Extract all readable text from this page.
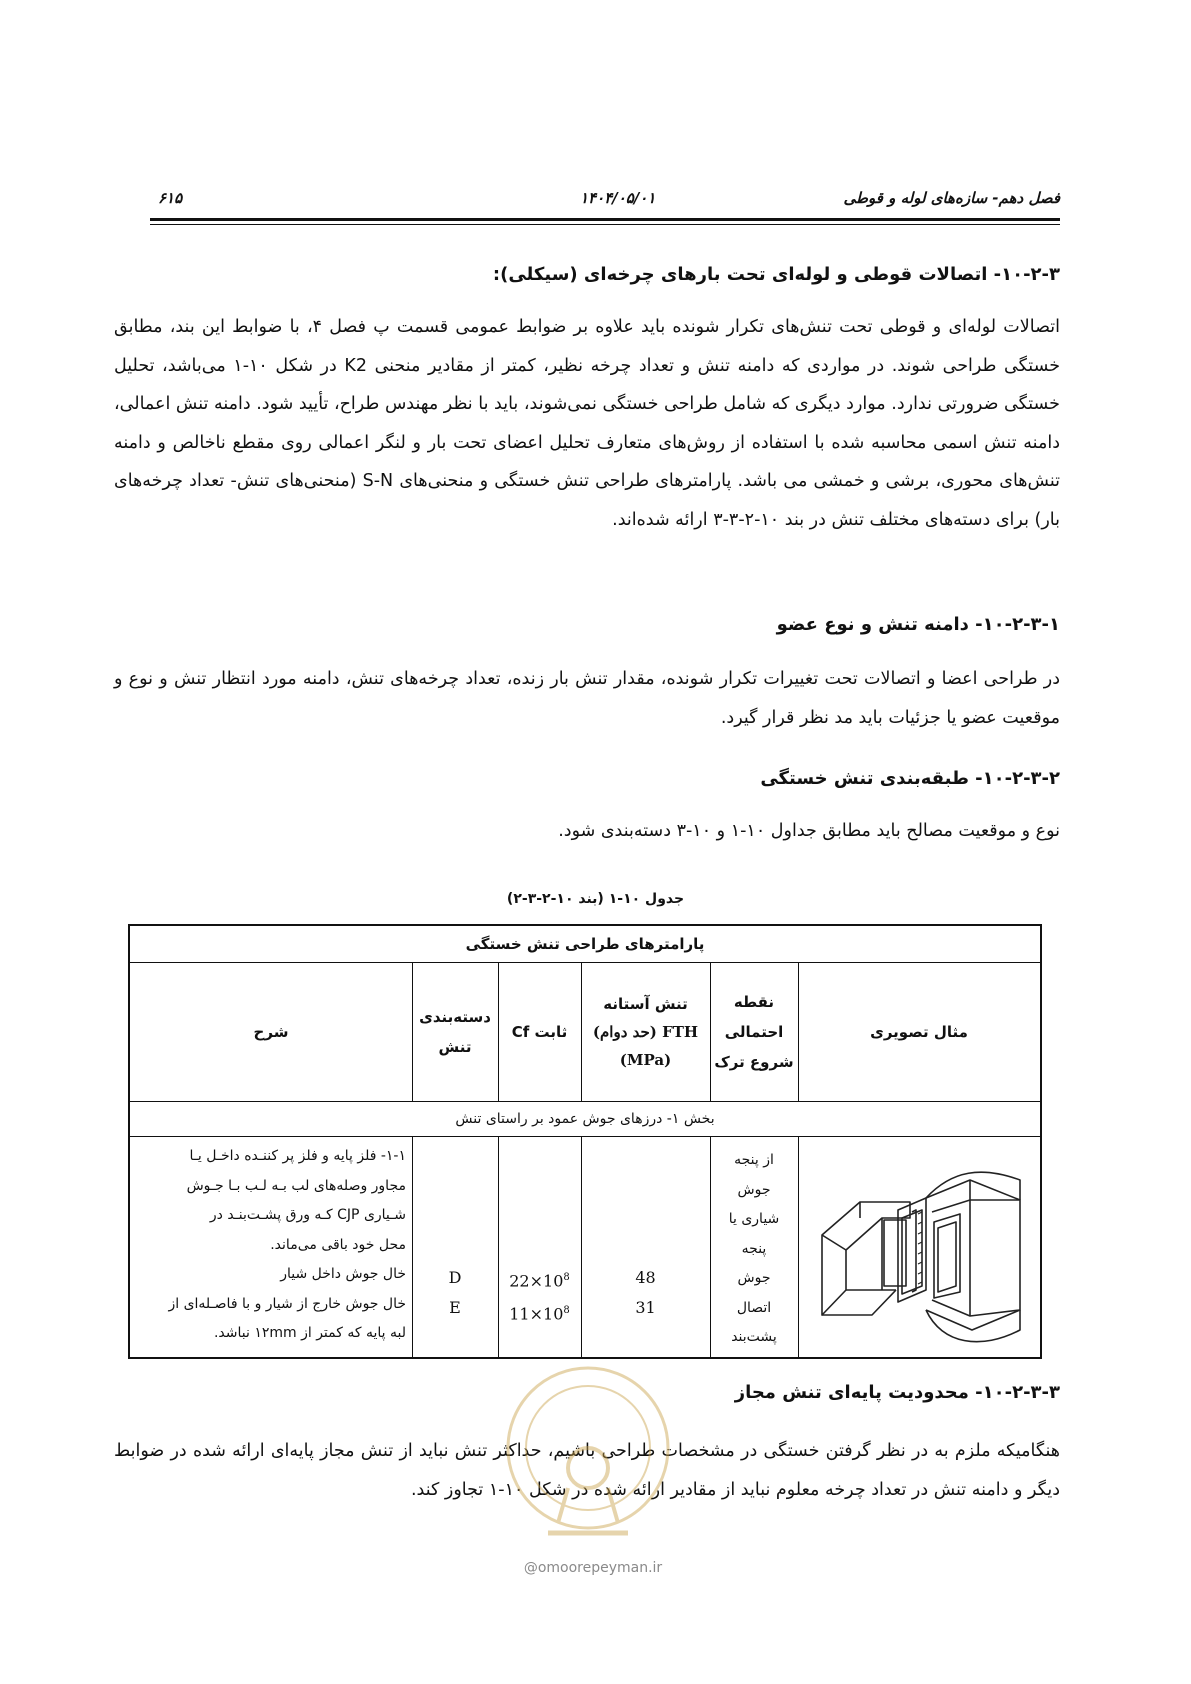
فصل دهم- سازه‌های لوله و قوطی
۱۴۰۴/۰۵/۰۱
۶۱۵
۱۰-۲-۳- اتصالات قوطی و لوله‌ای تحت بارهای چرخه‌ای (سیکلی):
اتصالات لوله‌ای و قوطی تحت تنش‌های تکرار شونده باید علاوه بر ضوابط عمومی قسمت پ فصل ۴، با ضوابط این بند، مطابق خستگی طراحی شوند. در مواردی که دامنه تنش و تعداد چرخه نظیر، کمتر از مقادیر منحنی K2 در شکل ۱۰-۱ می‌باشد، تحلیل خستگی ضرورتی ندارد. موارد دیگری که شامل طراحی خستگی نمی‌شوند، باید با نظر مهندس طراح، تأیید شود. دامنه تنش اعمالی، دامنه تنش اسمی محاسبه شده با استفاده از روش‌های متعارف تحلیل اعضای تحت بار و لنگر اعمالی روی مقطع ناخالص و دامنه تنش‌های محوری، برشی و خمشی می باشد. پارامترهای طراحی تنش خستگی و منحنی‌های S-N (منحنی‌های تنش- تعداد چرخه‌های بار) برای دسته‌های مختلف تنش در بند ۱۰-۲-۳-۳ ارائه شده‌اند.
۱۰-۲-۳-۱- دامنه تنش و نوع عضو
در طراحی اعضا و اتصالات تحت تغییرات تکرار شونده، مقدار تنش بار زنده، تعداد چرخه‌های تنش، دامنه مورد انتظار تنش و نوع و موقعیت عضو یا جزئیات باید مد نظر قرار گیرد.
۱۰-۲-۳-۲- طبقه‌بندی تنش خستگی
نوع و موقعیت مصالح باید مطابق جداول ۱۰-۱ و ۱۰-۳ دسته‌بندی شود.
جدول ۱۰-۱ (بند ۱۰-۲-۳-۲)
پارامترهای طراحی تنش خستگی
مثال تصویری
نقطه احتمالی شروع ترک
تنش آستانه
FTH (حد دوام)
(MPa)
ثابت Cf
دسته‌بندی تنش
شرح
بخش ۱- درزهای جوش عمود بر راستای تنش
۱-۱- فلز پایه و فلز پر کننـده داخـل یـا
مجاور وصله‌های لب بـه لـب بـا جـوش
شـیاری CJP کـه ورق پشـت‌بنـد در
محل خود باقی می‌ماند.
خال جوش داخل شیار
خال جوش خارج از شیار و با فاصـله‌ای از
لبه پایه که کمتر از ۱۲mm نباشد.
D
E
$22\times 10^8$
$11\times 10^8$
48
31
از پنجه
جوش
شیاری یا
پنجه
جوش
اتصال
پشت‌بند
۱۰-۲-۳-۳- محدودیت پایه‌ای تنش مجاز
هنگامیکه ملزم به در نظر گرفتن خستگی در مشخصات طراحی باشیم، حداکثر تنش نباید از تنش مجاز پایه‌ای ارائه شده در ضوابط دیگر و دامنه تنش در تعداد چرخه معلوم نباید از مقادیر ارائه شده در شکل ۱۰-۱ تجاوز کند.
@omoorepeyman.ir
